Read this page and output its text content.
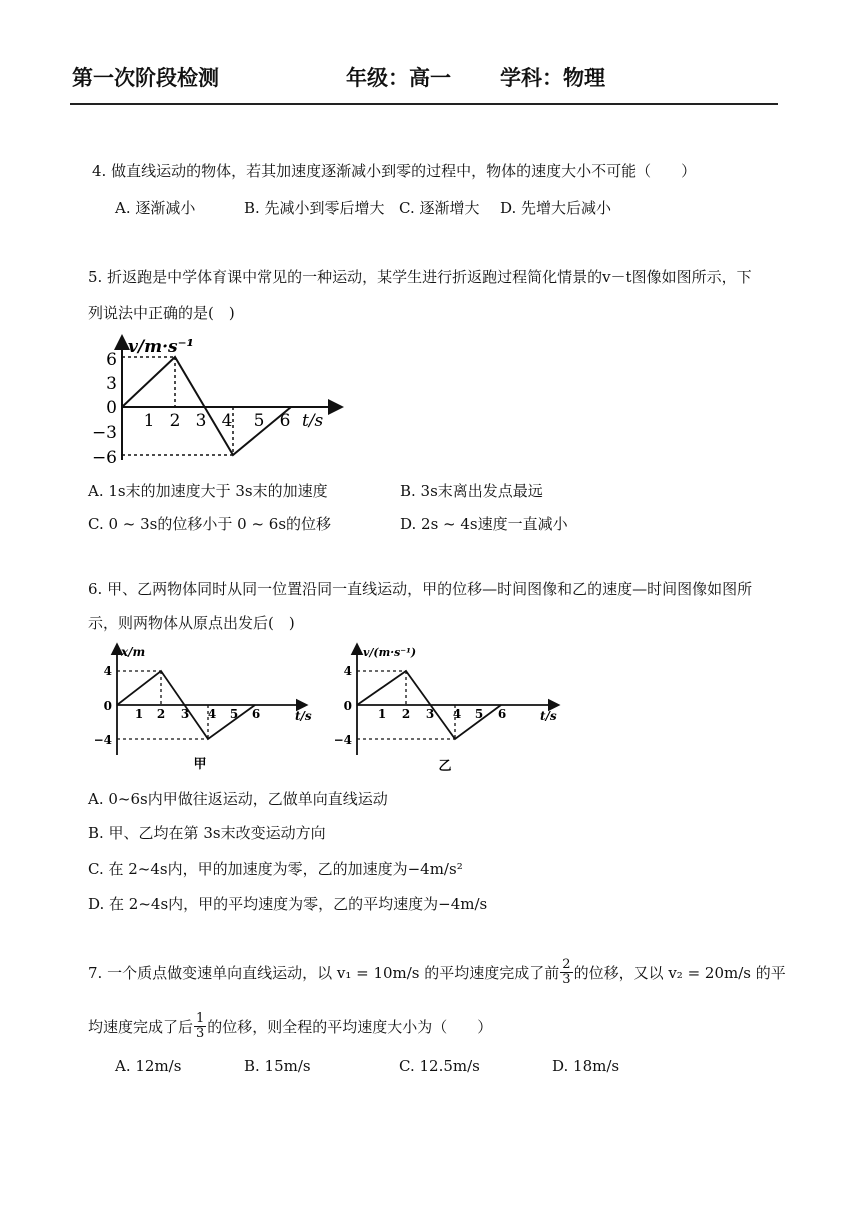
第一次阶段检测	年级：高一 学科：物理
4. 做直线运动的物体，若其加速度逐渐减小到零的过程中，物体的速度大小不可能（　　）
A. 逐渐减小	B. 先减小到零后增大 C. 逐渐增大 D. 先增大后减小
5. 折返跑是中学体育课中常见的一种运动，某学生进行折返跑过程简化情景的v－t图像如图所示，下
列说法中正确的是(　)
v/m·s⁻¹
t/s
6
3
0
−3
−6
1 2 3 4 5 6
A. 1s末的加速度大于 3s末的加速度	B. 3s末离出发点最远
C. 0 ~ 3s的位移小于 0 ~ 6s的位移	D. 2s ~ 4s速度一直减小
6. 甲、乙两物体同时从同一位置沿同一直线运动，甲的位移—时间图像和乙的速度—时间图像如图所
示，则两物体从原点出发后(　)
x/m
t/s
4
0
−4
1 2 3 4 5 6
甲
v/(m·s⁻¹)
t/s
4
0
−4
1 2 3 4 5 6
乙
A. 0~6s内甲做往返运动，乙做单向直线运动
B. 甲、乙均在第 3s末改变运动方向
C. 在 2~4s内，甲的加速度为零，乙的加速度为−4m/s²
D. 在 2~4s内，甲的平均速度为零，乙的平均速度为−4m/s
7. 一个质点做变速单向直线运动，以 v₁ = 10m/s 的平均速度完成了前 $\frac{2}{3}$ 的位移，又以 v₂ = 20m/s 的平
均速度完成了后 $\frac{1}{3}$ 的位移，则全程的平均速度大小为（　　）
A. 12m/s	B. 15m/s	C. 12.5m/s	D. 18m/s
